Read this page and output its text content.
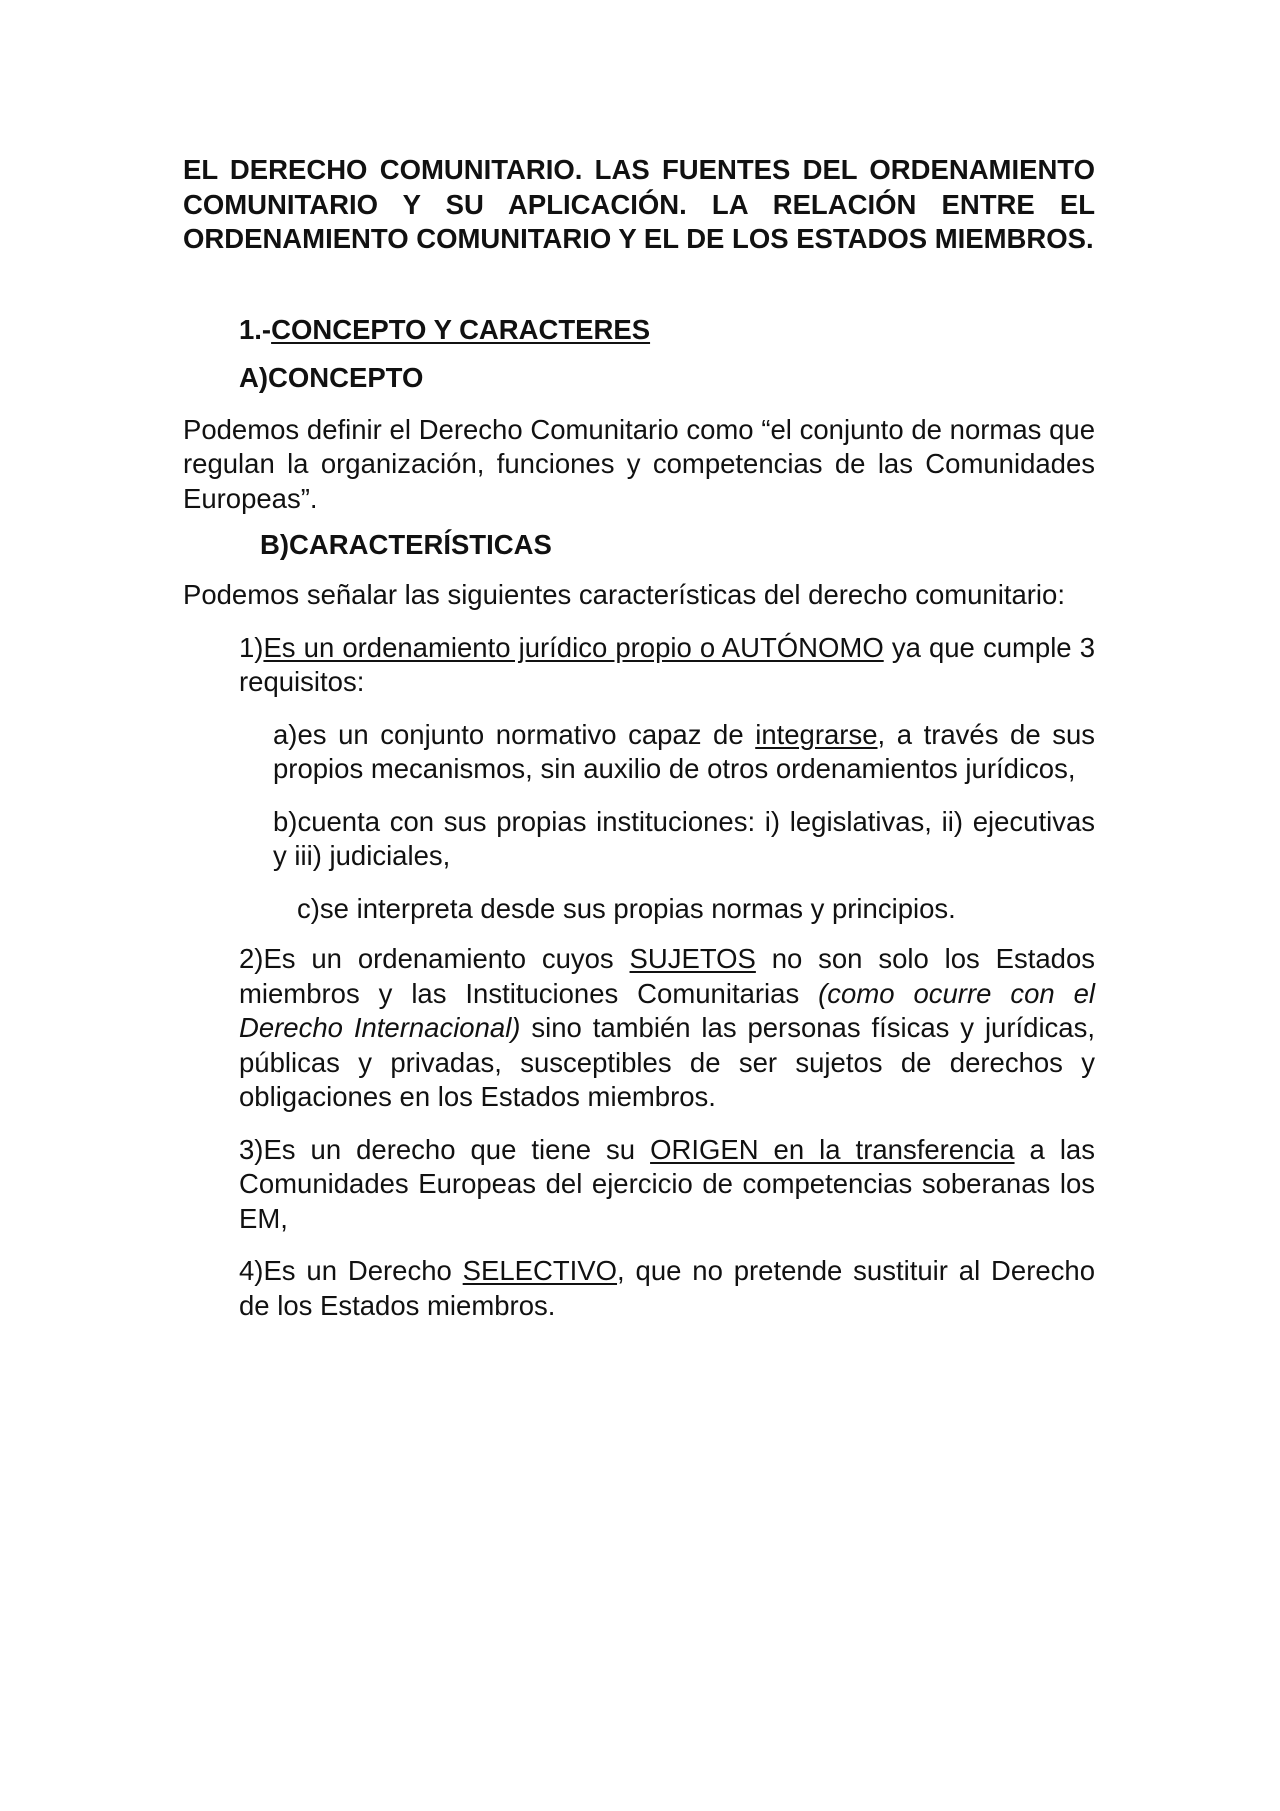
EL DERECHO COMUNITARIO. LAS FUENTES DEL ORDENAMIENTO COMUNITARIO Y SU APLICACIÓN. LA RELACIÓN ENTRE EL ORDENAMIENTO COMUNITARIO Y EL DE LOS ESTADOS MIEMBROS.
1.-CONCEPTO Y CARACTERES
A)CONCEPTO

Podemos definir el Derecho Comunitario como “el conjunto de normas que regulan la organización, funciones y competencias de las Comunidades Europeas”.

B)CARACTERÍSTICAS

Podemos señalar las siguientes características del derecho comunitario:

1)Es un ordenamiento jurídico propio o AUTÓNOMO ya que cumple 3 requisitos:

a)es un conjunto normativo capaz de integrarse, a través de sus propios mecanismos, sin auxilio de otros ordenamientos jurídicos,

b)cuenta con sus propias instituciones: i) legislativas, ii) ejecutivas y iii) judiciales,

c)se interpreta desde sus propias normas y principios.

2)Es un ordenamiento cuyos SUJETOS no son solo los Estados miembros y las Instituciones Comunitarias (como ocurre con el Derecho Internacional) sino también las personas físicas y jurídicas, públicas y privadas, susceptibles de ser sujetos de derechos y obligaciones en los Estados miembros.

3)Es un derecho que tiene su ORIGEN en la transferencia a las Comunidades Europeas del ejercicio de competencias soberanas los EM,

4)Es un Derecho SELECTIVO, que no pretende sustituir al Derecho de los Estados miembros.
